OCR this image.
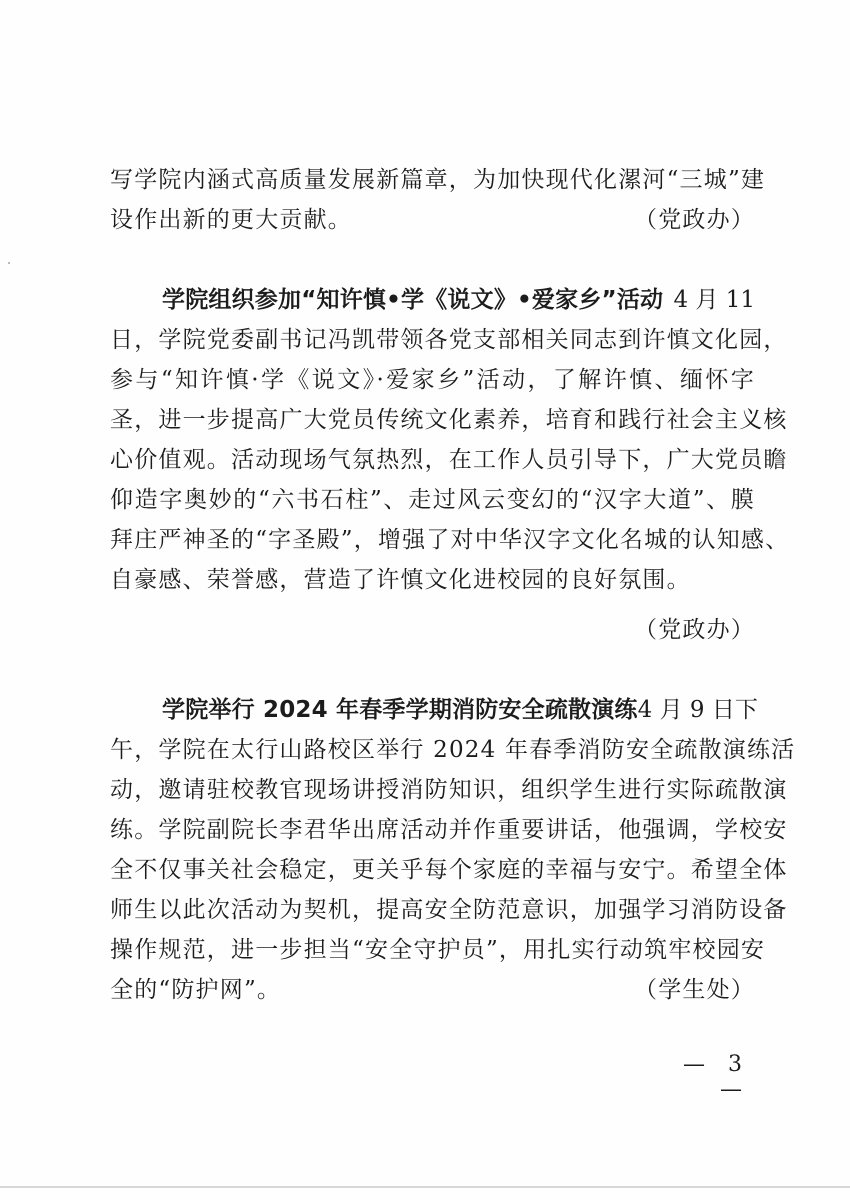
写学院内涵式高质量发展新篇章，为加快现代化漯河“三城”建
设作出新的更大贡献。	（党政办）
学院组织参加“知许慎•学《说文》•爱家乡”活动 4 月 11
日，学院党委副书记冯凯带领各党支部相关同志到许慎文化园，
参与“知许慎·学《说文》·爱家乡”活动，了解许慎、缅怀字
圣，进一步提高广大党员传统文化素养，培育和践行社会主义核
心价值观。活动现场气氛热烈，在工作人员引导下，广大党员瞻
仰造字奥妙的“六书石柱”、走过风云变幻的“汉字大道”、膜
拜庄严神圣的“字圣殿”，增强了对中华汉字文化名城的认知感、
自豪感、荣誉感，营造了许慎文化进校园的良好氛围。
（党政办）
学院举行 2024 年春季学期消防安全疏散演练 4 月 9 日下
午，学院在太行山路校区举行 2024 年春季消防安全疏散演练活
动，邀请驻校教官现场讲授消防知识，组织学生进行实际疏散演
练。学院副院长李君华出席活动并作重要讲话，他强调，学校安
全不仅事关社会稳定，更关乎每个家庭的幸福与安宁。希望全体
师生以此次活动为契机，提高安全防范意识，加强学习消防设备
操作规范，进一步担当“安全守护员”，用扎实行动筑牢校园安
全的“防护网”。	（学生处）
— 3 —
